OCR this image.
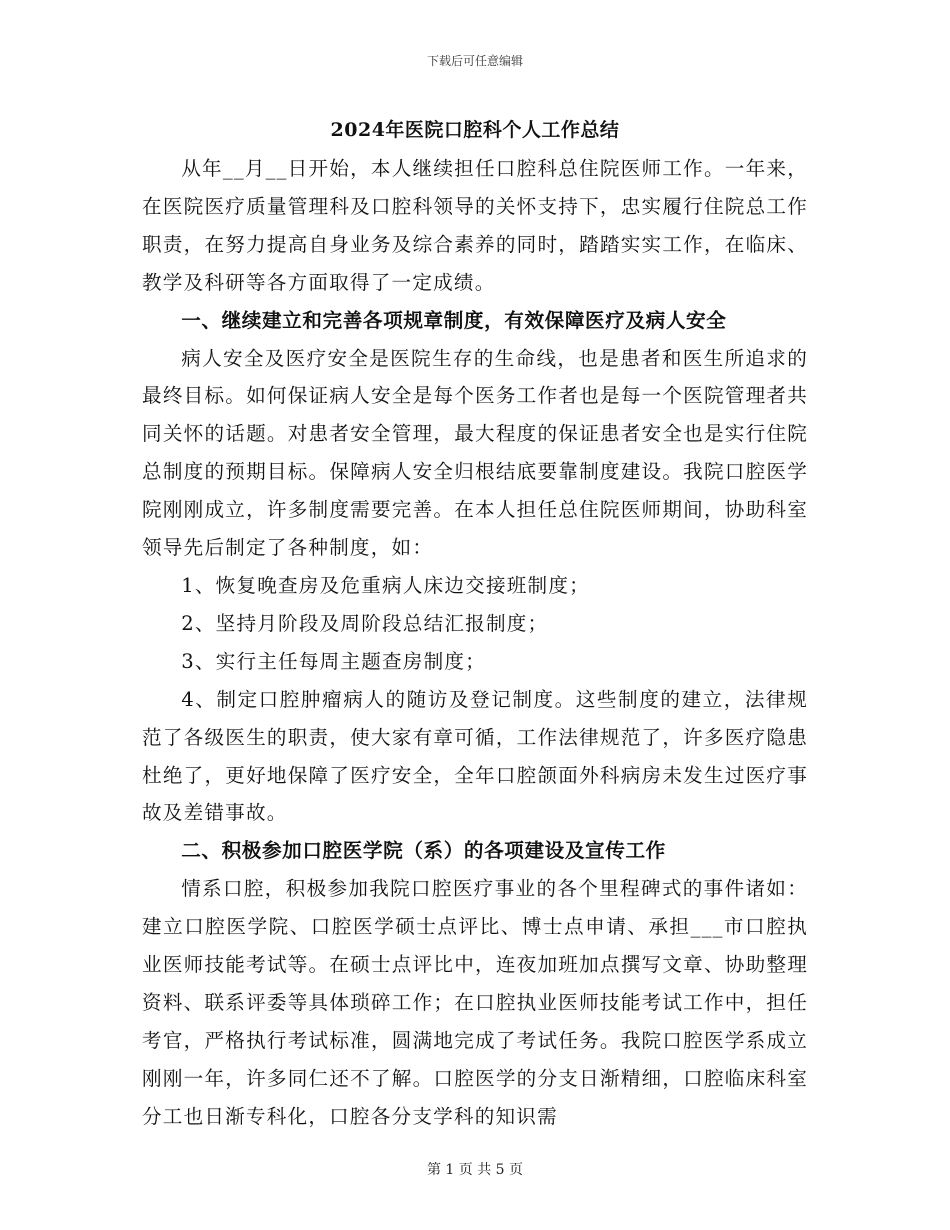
下载后可任意编辑
2024年医院口腔科个人工作总结

从年__月__日开始，本人继续担任口腔科总住院医师工作。一年来，在医院医疗质量管理科及口腔科领导的关怀支持下，忠实履行住院总工作职责，在努力提高自身业务及综合素养的同时，踏踏实实工作，在临床、教学及科研等各方面取得了一定成绩。

一、继续建立和完善各项规章制度，有效保障医疗及病人安全

病人安全及医疗安全是医院生存的生命线，也是患者和医生所追求的最终目标。如何保证病人安全是每个医务工作者也是每一个医院管理者共同关怀的话题。对患者安全管理，最大程度的保证患者安全也是实行住院总制度的预期目标。保障病人安全归根结底要靠制度建设。我院口腔医学院刚刚成立，许多制度需要完善。在本人担任总住院医师期间，协助科室领导先后制定了各种制度，如：

1、恢复晚查房及危重病人床边交接班制度；

2、坚持月阶段及周阶段总结汇报制度；

3、实行主任每周主题查房制度；

4、制定口腔肿瘤病人的随访及登记制度。这些制度的建立，法律规范了各级医生的职责，使大家有章可循，工作法律规范了，许多医疗隐患杜绝了，更好地保障了医疗安全，全年口腔颌面外科病房未发生过医疗事故及差错事故。

二、积极参加口腔医学院（系）的各项建设及宣传工作

情系口腔，积极参加我院口腔医疗事业的各个里程碑式的事件诸如：建立口腔医学院、口腔医学硕士点评比、博士点申请、承担___市口腔执业医师技能考试等。在硕士点评比中，连夜加班加点撰写文章、协助整理资料、联系评委等具体琐碎工作；在口腔执业医师技能考试工作中，担任考官，严格执行考试标准，圆满地完成了考试任务。我院口腔医学系成立刚刚一年，许多同仁还不了解。口腔医学的分支日渐精细，口腔临床科室分工也日渐专科化，口腔各分支学科的知识需

第 1 页 共 5 页
